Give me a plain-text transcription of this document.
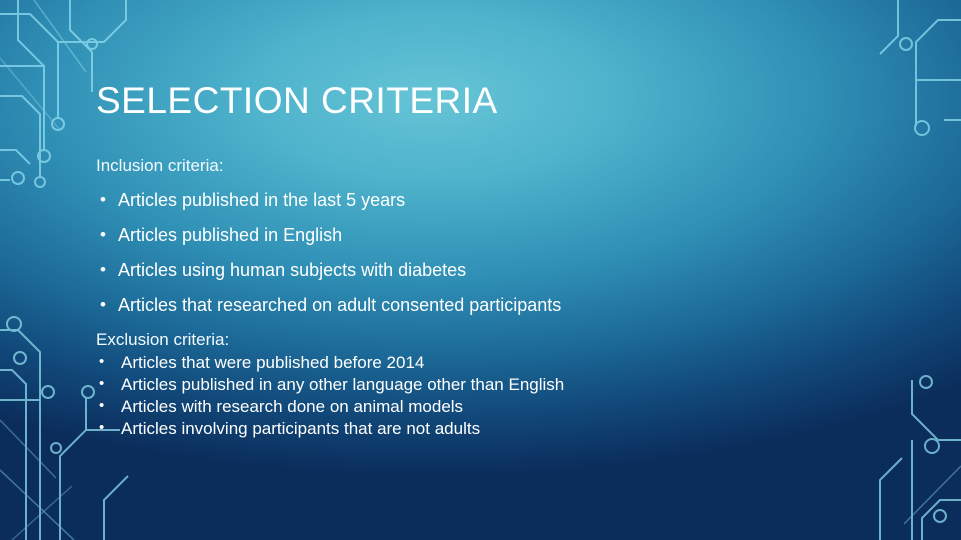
SELECTION CRITERIA
Inclusion criteria:
• Articles published in the last 5 years
• Articles published in English
• Articles using human subjects with diabetes
• Articles that researched on adult consented participants
Exclusion criteria:
• Articles that were published before 2014
• Articles published in any other language other than English
• Articles with research done on animal models
• Articles involving participants that are not adults
